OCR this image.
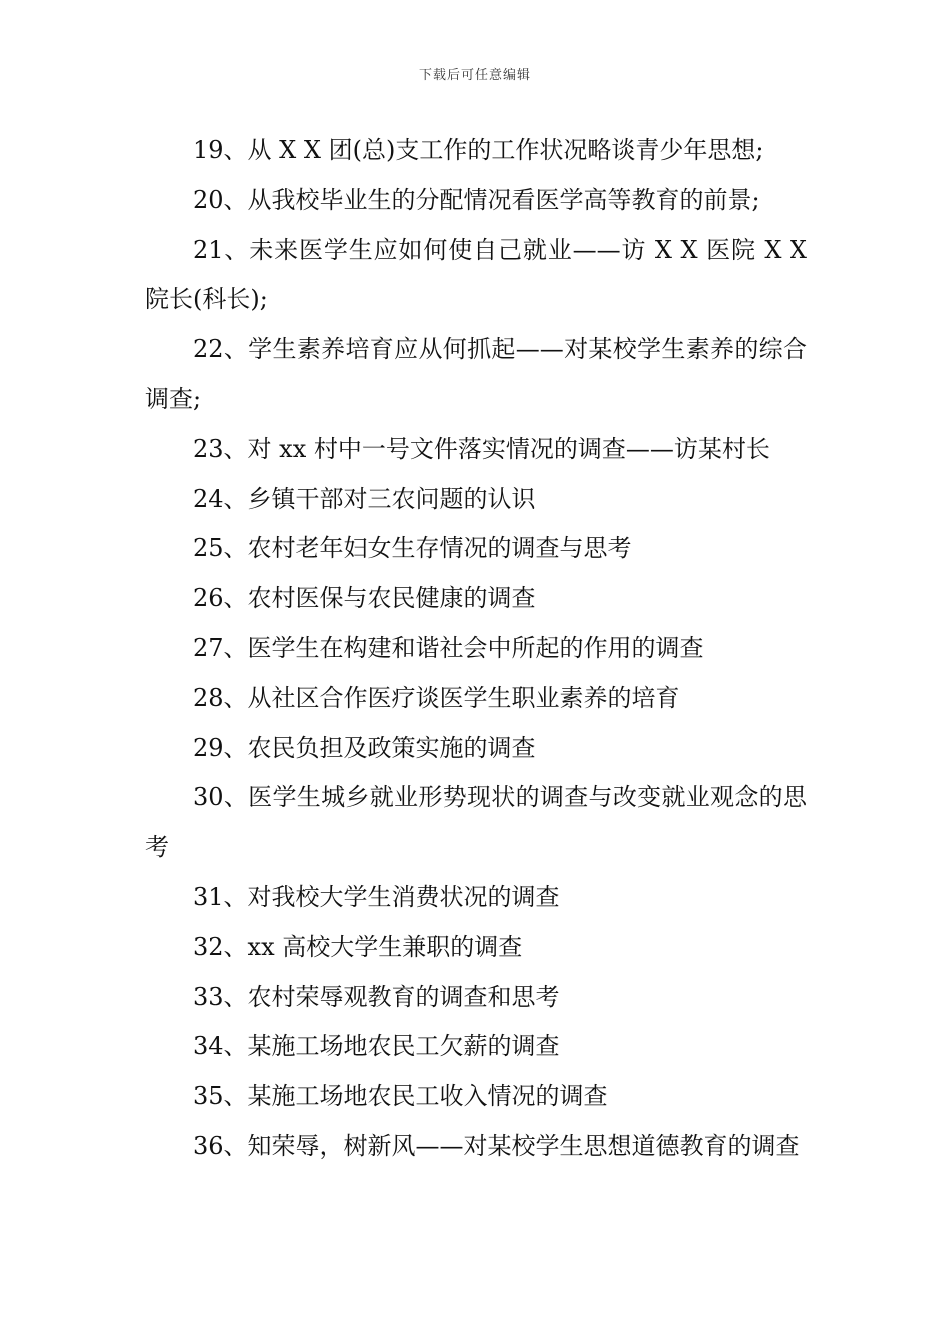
下载后可任意编辑

19、从 X X 团(总)支工作的工作状况略谈青少年思想;

20、从我校毕业生的分配情况看医学高等教育的前景;

21、未来医学生应如何使自己就业——访 X X 医院 X X 院长(科长);

22、学生素养培育应从何抓起——对某校学生素养的综合调查;

23、对 xx 村中一号文件落实情况的调查——访某村长

24、乡镇干部对三农问题的认识

25、农村老年妇女生存情况的调查与思考

26、农村医保与农民健康的调查

27、医学生在构建和谐社会中所起的作用的调查

28、从社区合作医疗谈医学生职业素养的培育

29、农民负担及政策实施的调查

30、医学生城乡就业形势现状的调查与改变就业观念的思考

31、对我校大学生消费状况的调查

32、xx 高校大学生兼职的调查

33、农村荣辱观教育的调查和思考

34、某施工场地农民工欠薪的调查

35、某施工场地农民工收入情况的调查

36、知荣辱，树新风——对某校学生思想道德教育的调查
